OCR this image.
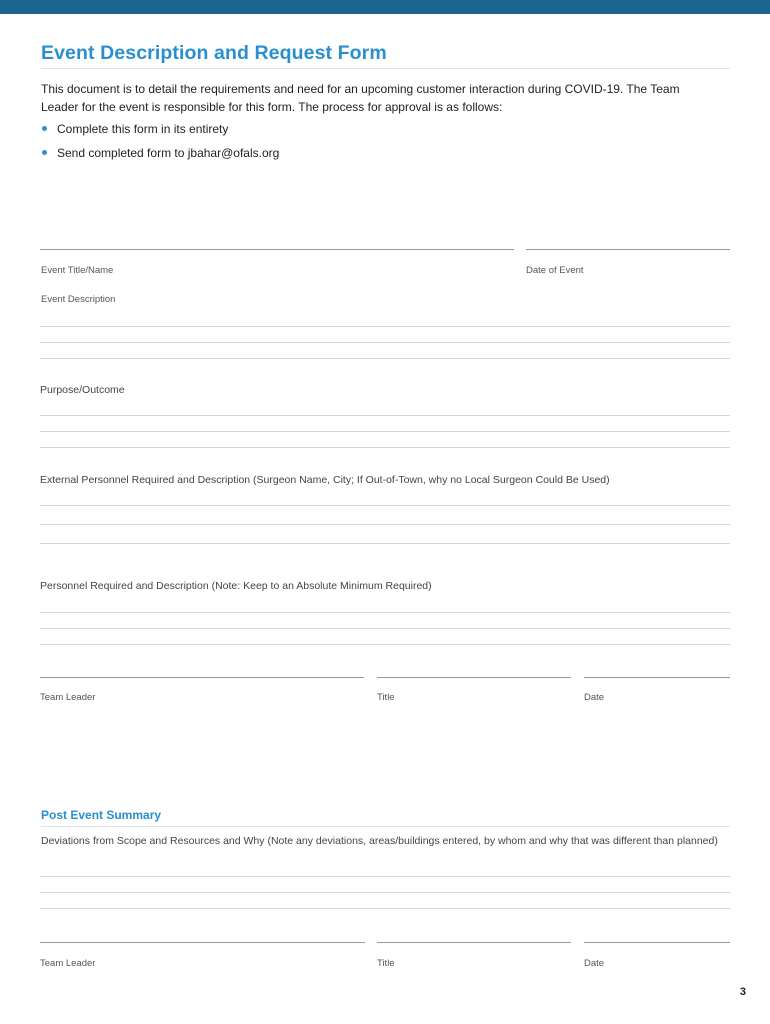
Event Description and Request Form

This document is to detail the requirements and need for an upcoming customer interaction during COVID-19. The Team Leader for the event is responsible for this form. The process for approval is as follows:

Complete this form in its entirety
Send completed form to jbahar@ofals.org
Event Title/Name	Date of Event
Event Description
Purpose/Outcome
External Personnel Required and Description (Surgeon Name, City; If Out-of-Town, why no Local Surgeon Could Be Used)
Personnel Required and Description (Note: Keep to an Absolute Minimum Required)
Team Leader	Title	Date
Post Event Summary
Deviations from Scope and Resources and Why (Note any deviations, areas/buildings entered, by whom and why that was different than planned)
Team Leader	Title	Date
3
